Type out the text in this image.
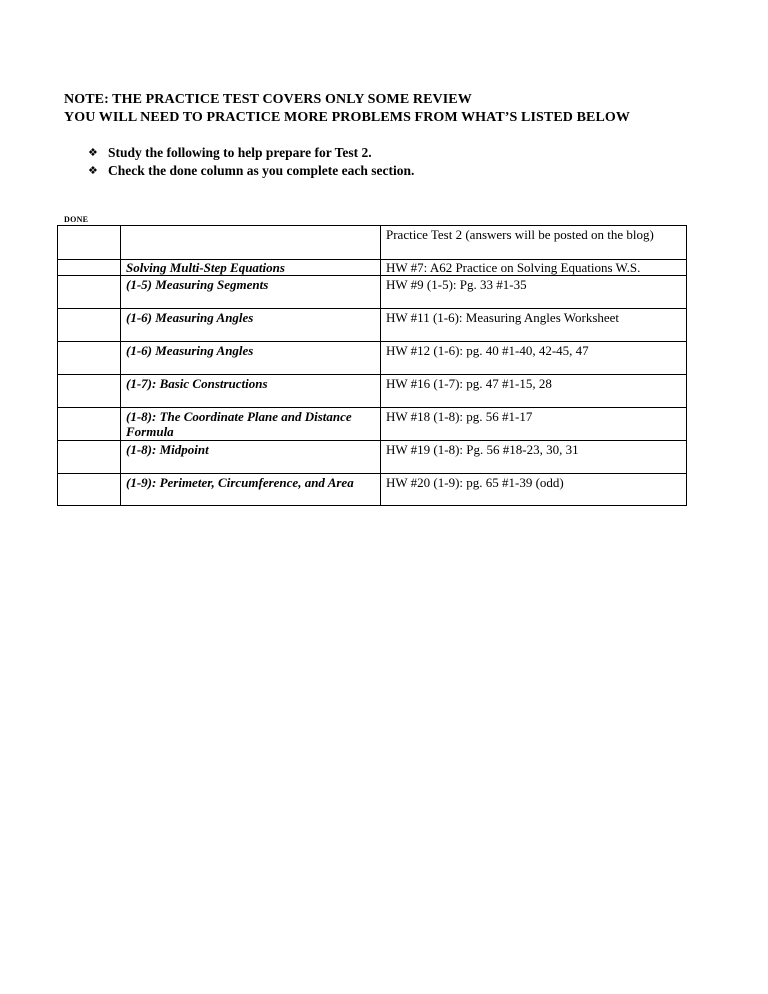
NOTE: THE PRACTICE TEST COVERS ONLY SOME REVIEW
YOU WILL NEED TO PRACTICE MORE PROBLEMS FROM WHAT’S LISTED BELOW
❖ Study the following to help prepare for Test 2.
❖ Check the done column as you complete each section.
DONE
		Practice Test 2 (answers will be posted on the blog)
	Solving Multi-Step Equations	HW #7: A62 Practice on Solving Equations W.S.
	(1-5) Measuring Segments	HW #9 (1-5): Pg. 33 #1-35
	(1-6) Measuring Angles	HW #11 (1-6): Measuring Angles Worksheet
	(1-6) Measuring Angles	HW #12 (1-6): pg. 40 #1-40, 42-45, 47
	(1-7): Basic Constructions	HW #16 (1-7): pg. 47 #1-15, 28
	(1-8): The Coordinate Plane and Distance Formula	HW #18 (1-8): pg. 56 #1-17
	(1-8): Midpoint	HW #19 (1-8): Pg. 56 #18-23, 30, 31
	(1-9): Perimeter, Circumference, and Area	HW #20 (1-9): pg. 65 #1-39 (odd)
